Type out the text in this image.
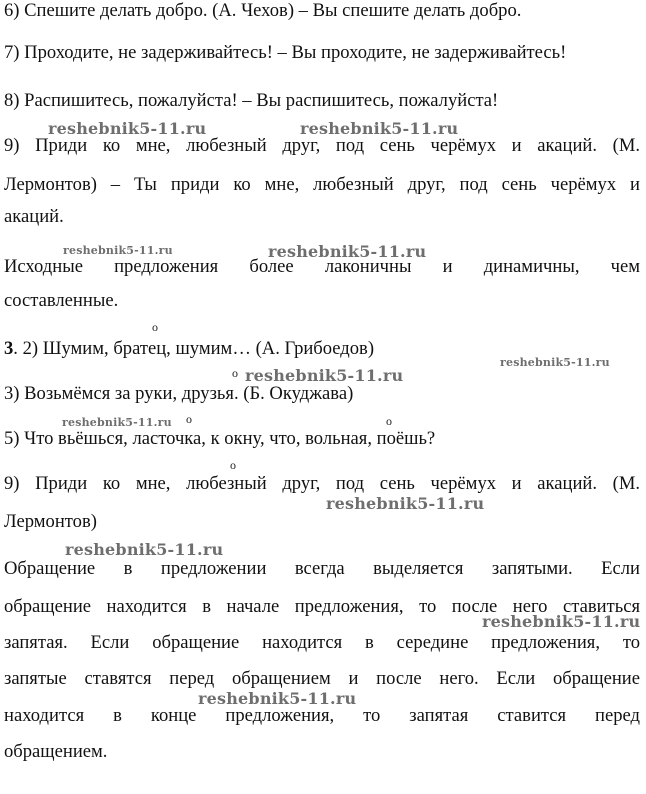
6) Спешите делать добро. (А. Чехов) – Вы спешите делать добро.
7) Проходите, не задерживайтесь! – Вы проходите, не задерживайтесь!
8) Распишитесь, пожалуйста! – Вы распишитесь, пожалуйста!
9) Приди ко мне, любезный друг, под сень черёмух и акаций. (М.
Лермонтов) – Ты приди ко мне, любезный друг, под сень черёмух и
акаций.
Исходные предложения более лаконичны и динамичны, чем
составленные.
3. 2) Шумим, братец, шумим… (А. Грибоедов)
3) Возьмёмся за руки, друзья. (Б. Окуджава)
5) Что вьёшься, ласточка, к окну, что, вольная, поёшь?
9) Приди ко мне, любезный друг, под сень черёмух и акаций. (М.
Лермонтов)
Обращение в предложении всегда выделяется запятыми. Если
обращение находится в начале предложения, то после него ставиться
запятая. Если обращение находится в середине предложения, то
запятые ставятся перед обращением и после него. Если обращение
находится в конце предложения, то запятая ставится перед
обращением.
о
о
о	о
о
reshebnik5-11.ru	reshebnik5-11.ru
reshebnik5-11.ru	reshebnik5-11.ru
reshebnik5-11.ru
reshebnik5-11.ru
reshebnik5-11.ru
reshebnik5-11.ru
reshebnik5-11.ru
reshebnik5-11.ru
reshebnik5-11.ru
